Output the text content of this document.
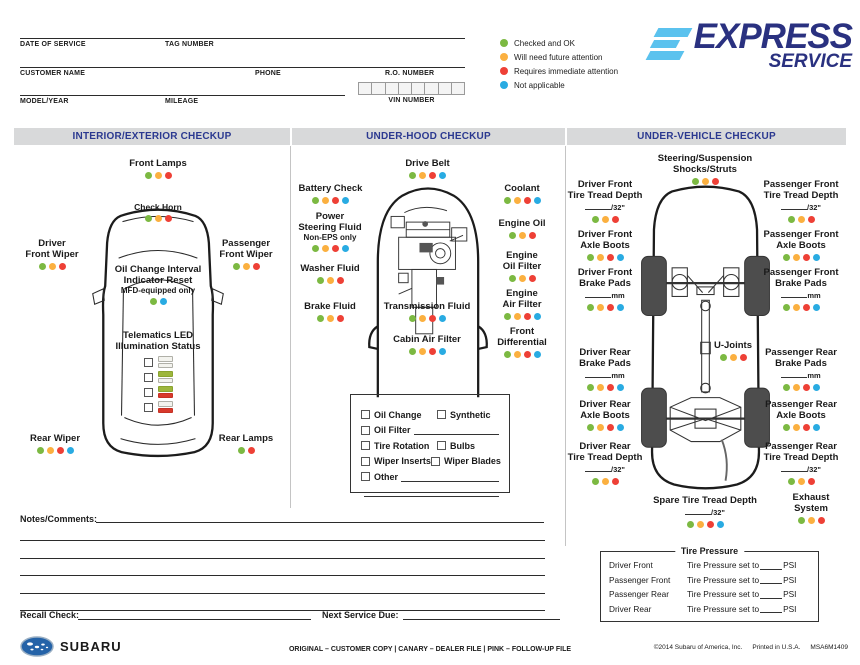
DATE OF SERVICE	TAG NUMBER
CUSTOMER NAME	PHONE	R.O. NUMBER
MODEL/YEAR	MILEAGE	VIN NUMBER
Checked and OK
Will need future attention
Requires immediate attention
Not applicable
EXPRESS
SERVICE
INTERIOR/EXTERIOR CHECKUP	UNDER-HOOD CHECKUP	UNDER-VEHICLE CHECKUP
Front Lamps
Check Horn
Driver
Front Wiper
Passenger
Front Wiper
Oil Change Interval
Indicator Reset
MFD-equipped only
Telematics LED
Illumination Status
Rear Wiper	Rear Lamps
Drive Belt
Battery Check	Coolant
Power
Steering Fluid
Non-EPS only
Engine Oil
Washer Fluid
Engine
Oil Filter
Brake Fluid
Engine
Air Filter
Transmission Fluid
Front
Differential
Cabin Air Filter
Oil Change	Synthetic
Oil Filter
Tire Rotation Bulbs
Wiper Inserts Wiper Blades
Other
Steering/Suspension
Shocks/Struts
Driver Front
Tire Tread Depth
/32"
Passenger Front
Tire Tread Depth
/32"
Driver Front
Axle Boots
Passenger Front
Axle Boots
Driver Front
Brake Pads
mm
Passenger Front
Brake Pads
mm
U-Joints
Driver Rear
Brake Pads
mm
Passenger Rear
Brake Pads
mm
Driver Rear
Axle Boots
Passenger Rear
Axle Boots
Driver Rear
Tire Tread Depth
/32"
Passenger Rear
Tire Tread Depth
/32"
Spare Tire Tread Depth
/32"
Exhaust
System
Tire Pressure
Driver Front	Tire Pressure set to	PSI
Passenger Front	Tire Pressure set to	PSI
Passenger Rear	Tire Pressure set to	PSI
Driver Rear	Tire Pressure set to	PSI
Notes/Comments:
Recall Check:	Next Service Due:
SUBARU	ORIGINAL – CUSTOMER COPY | CANARY – DEALER FILE | PINK – FOLLOW-UP FILE	©2014 Subaru of America, Inc. Printed in U.S.A. MSA6M1409
